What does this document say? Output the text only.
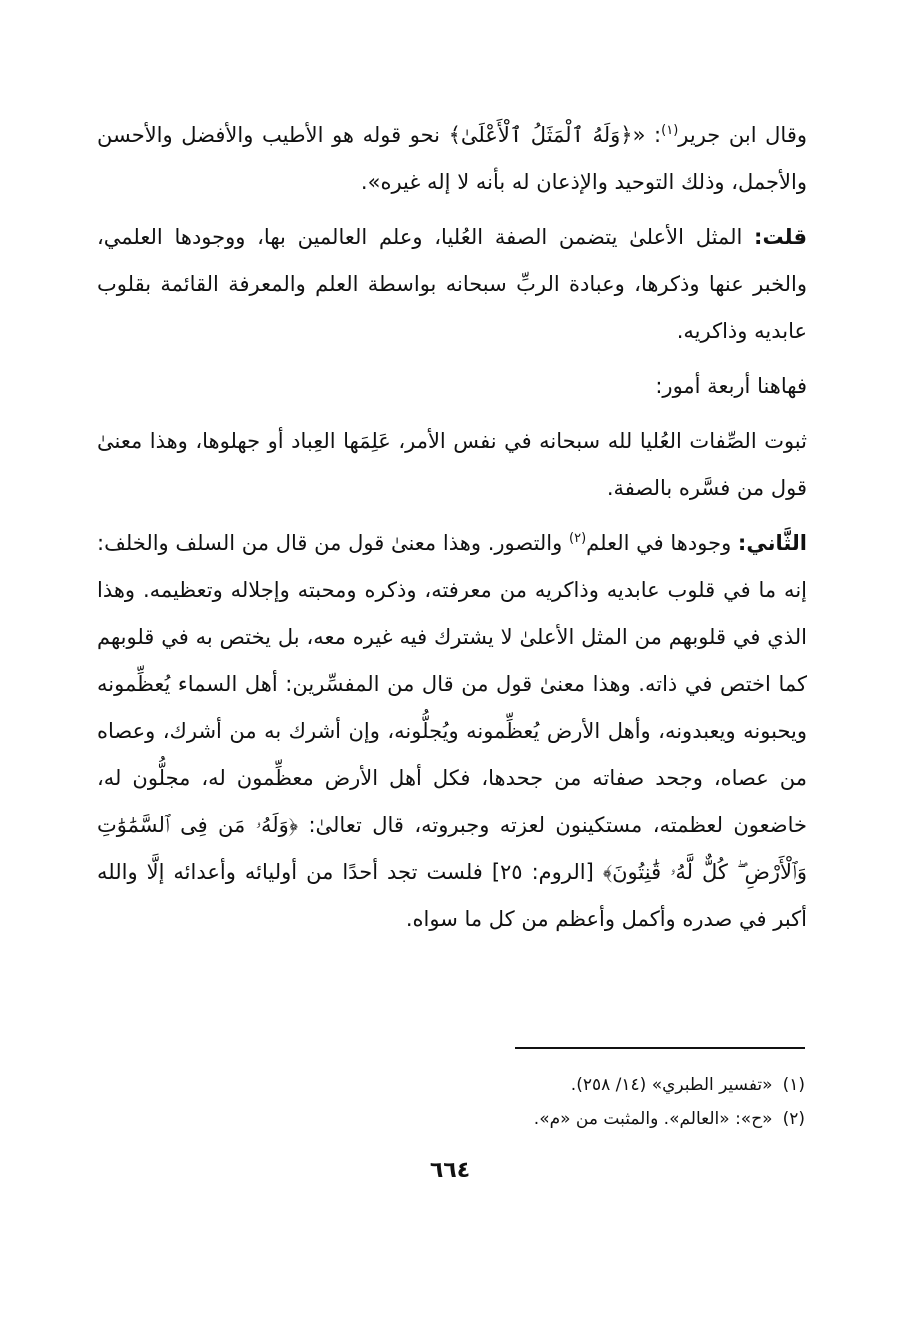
وقال ابن جرير$^{(١)}$: «﴿وَلَهُ ٱلْمَثَلُ ٱلْأَعْلَىٰ﴾ نحو قوله هو الأطيب والأفضل والأحسن والأجمل، وذلك التوحيد والإذعان له بأنه لا إله غيره».

قلت: المثل الأعلىٰ يتضمن الصفة العُليا، وعلم العالمين بها، ووجودها العلمي، والخبر عنها وذكرها، وعبادة الربِّ سبحانه بواسطة العلم والمعرفة القائمة بقلوب عابديه وذاكريه.

فهاهنا أربعة أمور:

ثبوت الصِّفات العُليا لله سبحانه في نفس الأمر، عَلِمَها العِباد أو جهلوها، وهذا معنىٰ قول من فسَّره بالصفة.

الثَّاني: وجودها في العلم$^{(٢)}$ والتصور. وهذا معنىٰ قول من قال من السلف والخلف: إنه ما في قلوب عابديه وذاكريه من معرفته، وذكره ومحبته وإجلاله وتعظيمه. وهذا الذي في قلوبهم من المثل الأعلىٰ لا يشترك فيه غيره معه، بل يختص به في قلوبهم كما اختص في ذاته. وهذا معنىٰ قول من قال من المفسِّرين: أهل السماء يُعظِّمونه ويحبونه ويعبدونه، وأهل الأرض يُعظِّمونه ويُجلُّونه، وإن أشرك به من أشرك، وعصاه من عصاه، وجحد صفاته من جحدها، فكل أهل الأرض معظِّمون له، مجلُّون له، خاضعون لعظمته، مستكينون لعزته وجبروته، قال تعالىٰ: ﴿وَلَهُۥ مَن فِى ٱلسَّمَٰوَٰتِ وَٱلْأَرْضِ ۖ كُلٌّ لَّهُۥ قَٰنِتُونَ﴾ [الروم: ٢٥] فلست تجد أحدًا من أوليائه وأعدائه إلَّا والله أكبر في صدره وأكمل وأعظم من كل ما سواه.

(١)«تفسير الطبري» (١٤/ ٢٥٨).
(٢)«ح»: «العالم». والمثبت من «م».
٦٦٤
